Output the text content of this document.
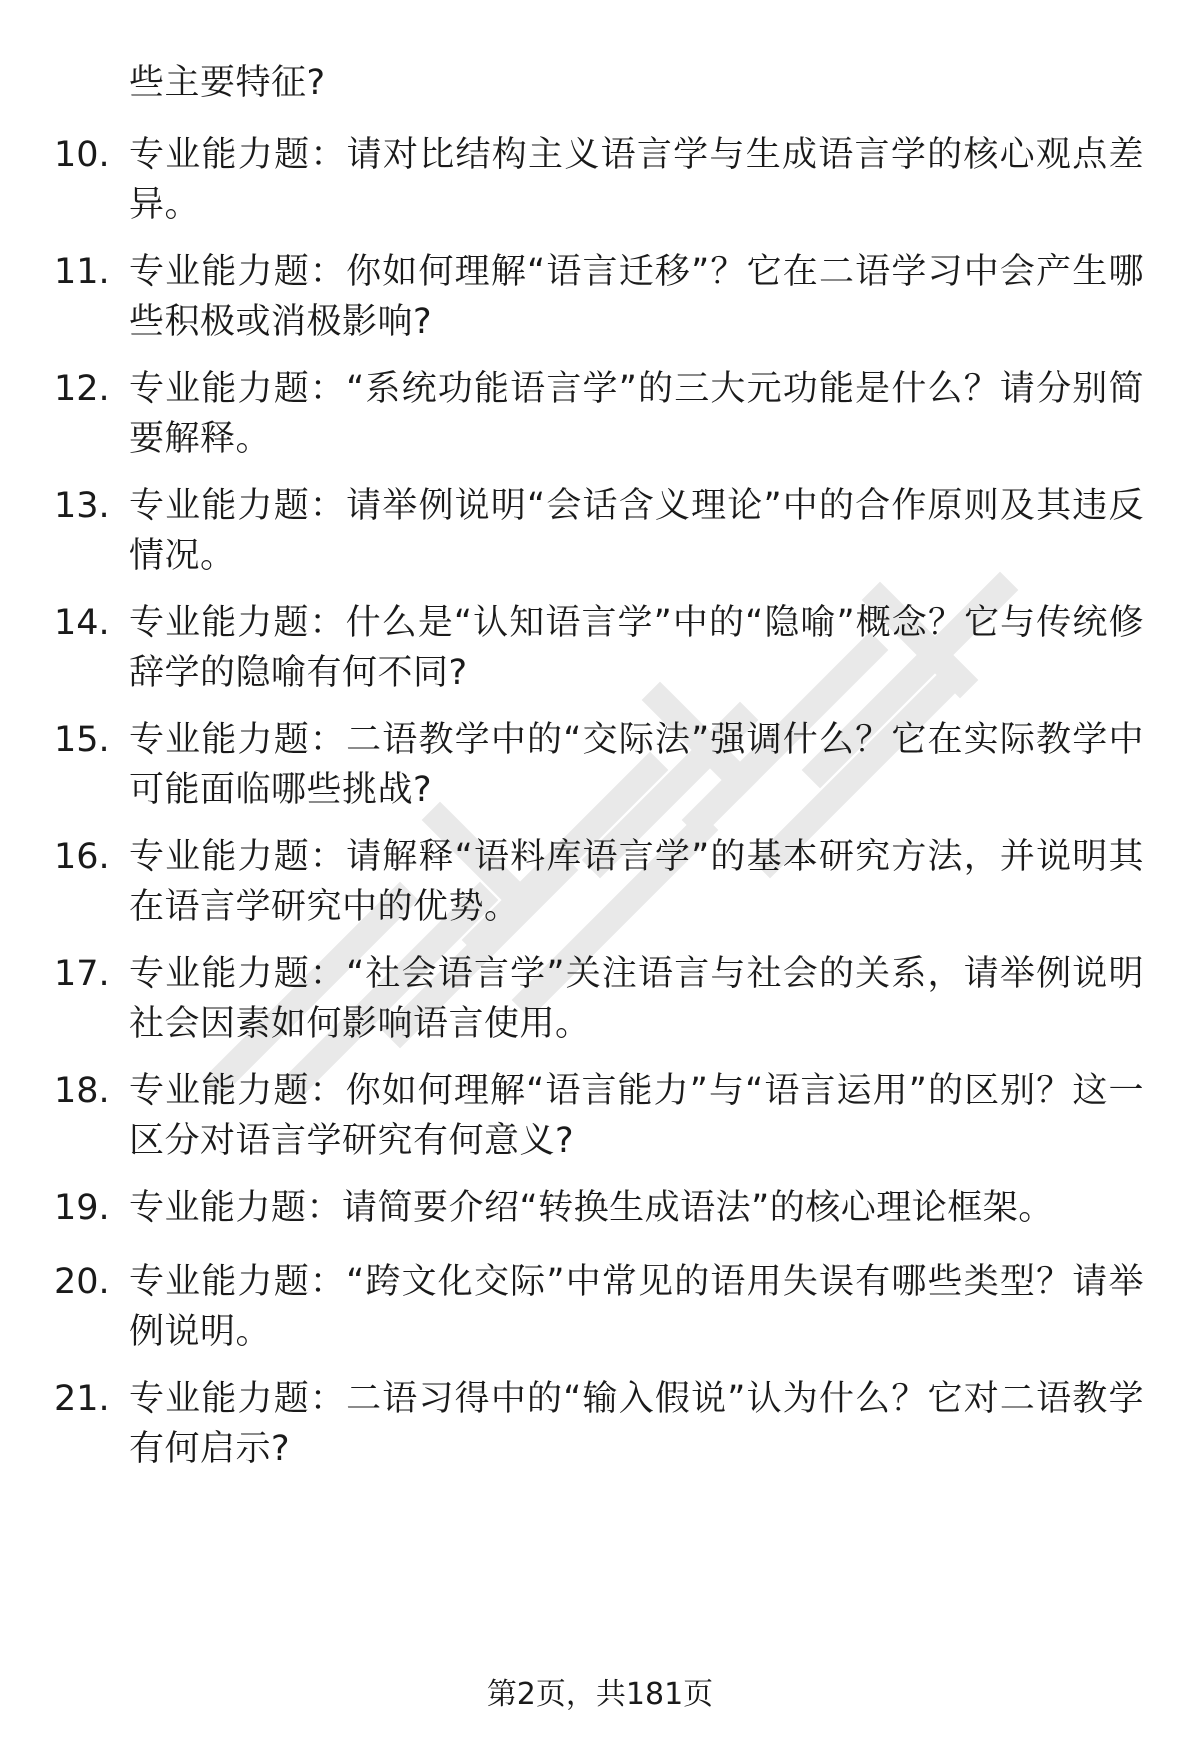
些主要特征?
10. 专业能力题：请对比结构主义语言学与生成语言学的核心观点差异。
11. 专业能力题：你如何理解“语言迁移”？它在二语学习中会产生哪些积极或消极影响?
12. 专业能力题：“系统功能语言学”的三大元功能是什么？请分别简要解释。
13. 专业能力题：请举例说明“会话含义理论”中的合作原则及其违反情况。
14. 专业能力题：什么是“认知语言学”中的“隐喻”概念？它与传统修辞学的隐喻有何不同?
15. 专业能力题：二语教学中的“交际法”强调什么？它在实际教学中可能面临哪些挑战?
16. 专业能力题：请解释“语料库语言学”的基本研究方法，并说明其在语言学研究中的优势。
17. 专业能力题：“社会语言学”关注语言与社会的关系，请举例说明社会因素如何影响语言使用。
18. 专业能力题：你如何理解“语言能力”与“语言运用”的区别？这一区分对语言学研究有何意义?
19. 专业能力题：请简要介绍“转换生成语法”的核心理论框架。
20. 专业能力题：“跨文化交际”中常见的语用失误有哪些类型？请举例说明。
21. 专业能力题：二语习得中的“输入假说”认为什么？它对二语教学有何启示?
第2页，共181页
